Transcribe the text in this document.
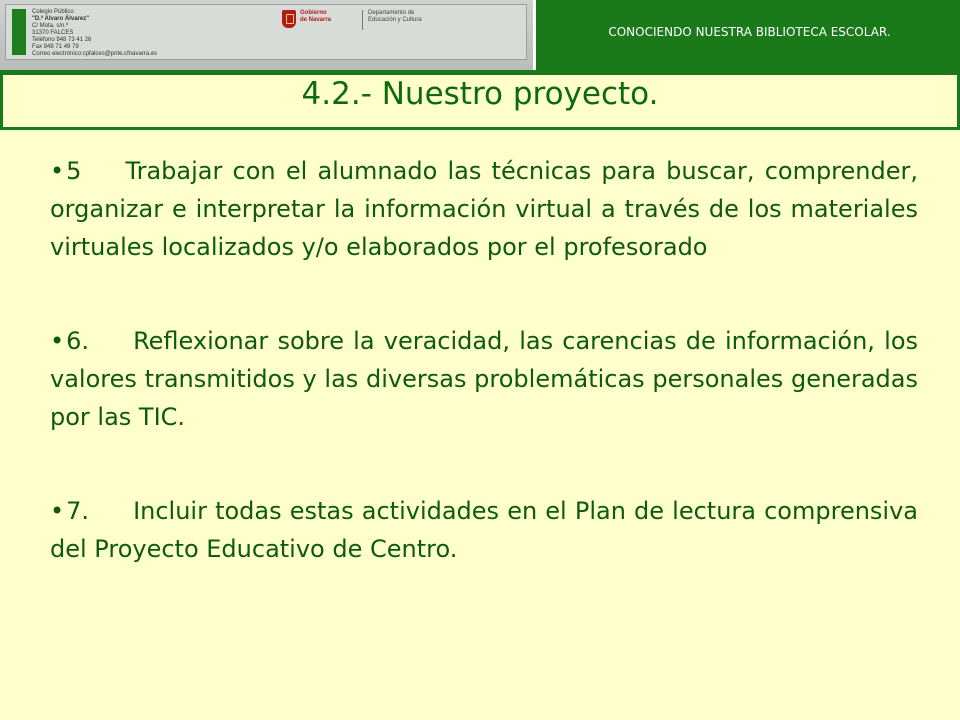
Colegio Público
"D.ª Alvaro Álvarez"
C/ Mota, s/n.º
31370 FALCES
Teléfono 948 73 41 26
Fax 948 71 49 79
Correo electrónico:cpfalces@pnte.cfnavarra.es
Gobierno
de Navarra
Departamento de
Educación y Cultura
CONOCIENDO NUESTRA BIBLIOTECA ESCOLAR.
4.2.- Nuestro proyecto.

•5 Trabajar con el alumnado las técnicas para buscar, comprender, organizar e interpretar la información virtual a través de los materiales virtuales localizados y/o elaborados por el profesorado

•6. Reflexionar sobre la veracidad, las carencias de información, los valores transmitidos y las diversas problemáticas personales generadas por las TIC.

•7. Incluir todas estas actividades en el Plan de lectura comprensiva del Proyecto Educativo de Centro.
